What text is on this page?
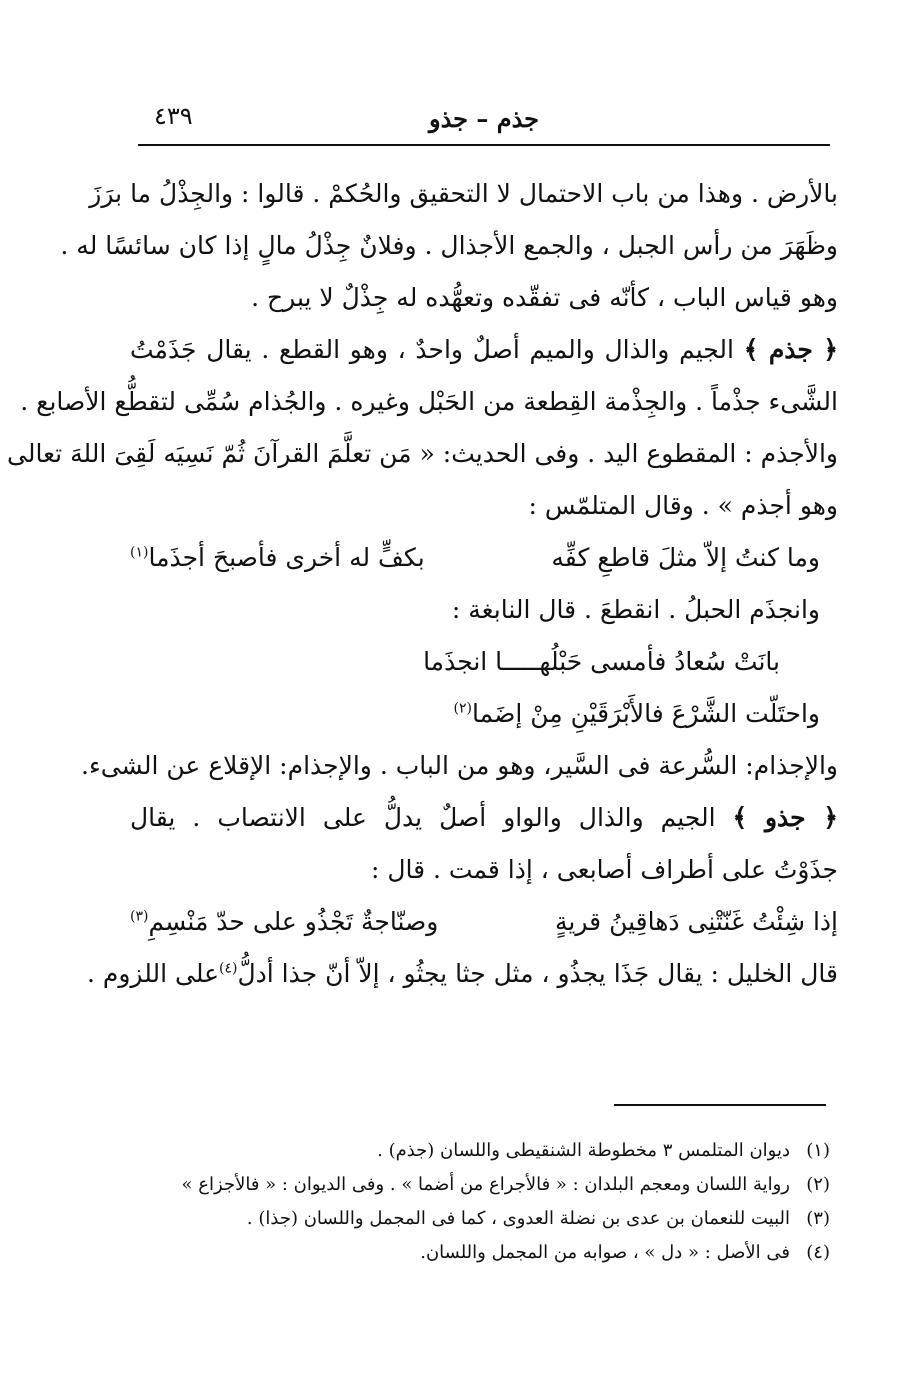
جذم – جذو
٤٣٩
بالأرض . وهذا من باب الاحتمال لا التحقيق والحُكمْ . قالوا : والجِذْلُ ما برَزَ
وظَهَرَ من رأس الجبل ، والجمع الأجذال . وفلانٌ جِذْلُ مالٍ إذا كان سائسًا له .
وهو قياس الباب ، كأنّه فى تفقّده وتعهُّده له جِذْلٌ لا يبرح .
﴿ جذم ﴾ الجيم والذال والميم أصلٌ واحدٌ ، وهو القطع . يقال جَذَمْتُ
الشَّىء جذْماً . والجِذْمة القِطعة من الحَبْل وغيره . والجُذام سُمِّى لتقطُّع الأصابع .
والأجذم : المقطوع اليد . وفى الحديث: « مَن تعلَّمَ القرآنَ ثُمّ نَسِيَه لَقِىَ اللهَ تعالى
وهو أجذم » . وقال المتلمّس :
وما كنتُ إلاّ مثلَ قاطعِ كفِّه
بكفٍّ له أخرى فأصبحَ أجذَما$^{(١)}$
وانجذَم الحبلُ . انقطعَ . قال النابغة :
بانَتْ سُعادُ فأمسى حَبْلُهـــــا انجذَما
واحتَلّت الشَّرْعَ فالأَبْرَقَيْنِ مِنْ إضَما$^{(٢)}$
والإجذام: السُّرعة فى السَّير، وهو من الباب . والإجذام: الإقلاع عن الشىء.
﴿ جذو ﴾ الجيم والذال والواو أصلٌ يدلُّ على الانتصاب . يقال
جذَوْتُ على أطراف أصابعى ، إذا قمت . قال :
إذا شِئْتُ غَنّتْنِى دَهاقِينُ قريةٍ
وصنّاجةٌ تَجْذُو على حدّ مَنْسِمِ$^{(٣)}$
قال الخليل : يقال جَذَا يجذُو ، مثل جثا يجثُو ، إلاّ أنّ جذا أدلُّ$^{(٤)}$على اللزوم .
(١)ديوان المتلمس ٣ مخطوطة الشنقيطى واللسان (جذم) .
(٢)رواية اللسان ومعجم البلدان : « فالأجراع من أضما » . وفى الديوان : « فالأجزاع »
(٣)البيت للنعمان بن عدى بن نضلة العدوى ، كما فى المجمل واللسان (جذا) .
(٤)فى الأصل : « دل » ، صوابه من المجمل واللسان.
